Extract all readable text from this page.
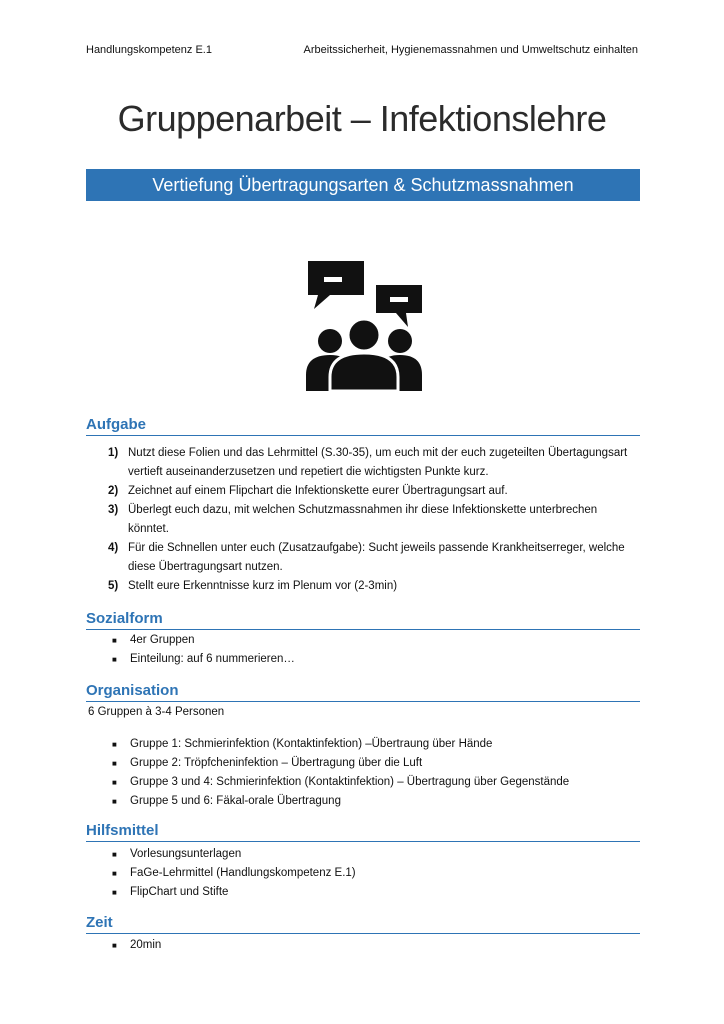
Handlungskompetenz E.1	Arbeitssicherheit, Hygienemassnahmen und Umweltschutz einhalten
Gruppenarbeit – Infektionslehre
Vertiefung Übertragungsarten & Schutzmassnahmen
Aufgabe
1) Nutzt diese Folien und das Lehrmittel (S.30-35), um euch mit der euch zugeteilten Übertagungsart vertieft auseinanderzusetzen und repetiert die wichtigsten Punkte kurz.
2) Zeichnet auf einem Flipchart die Infektionskette eurer Übertragungsart auf.
3) Überlegt euch dazu, mit welchen Schutzmassnahmen ihr diese Infektionskette unterbrechen könntet.
4) Für die Schnellen unter euch (Zusatzaufgabe): Sucht jeweils passende Krankheitserreger, welche diese Übertragungsart nutzen.
5) Stellt eure Erkenntnisse kurz im Plenum vor (2-3min)
Sozialform
■	4er Gruppen
■	Einteilung: auf 6 nummerieren…
Organisation
6 Gruppen à 3-4 Personen
■	Gruppe 1: Schmierinfektion (Kontaktinfektion) –Übertraung über Hände
■	Gruppe 2: Tröpfcheninfektion – Übertragung über die Luft
■	Gruppe 3 und 4: Schmierinfektion (Kontaktinfektion) – Übertragung über Gegenstände
■	Gruppe 5 und 6: Fäkal-orale Übertragung
Hilfsmittel
■	Vorlesungsunterlagen
■	FaGe-Lehrmittel (Handlungskompetenz E.1)
■	FlipChart und Stifte
Zeit
■	20min
